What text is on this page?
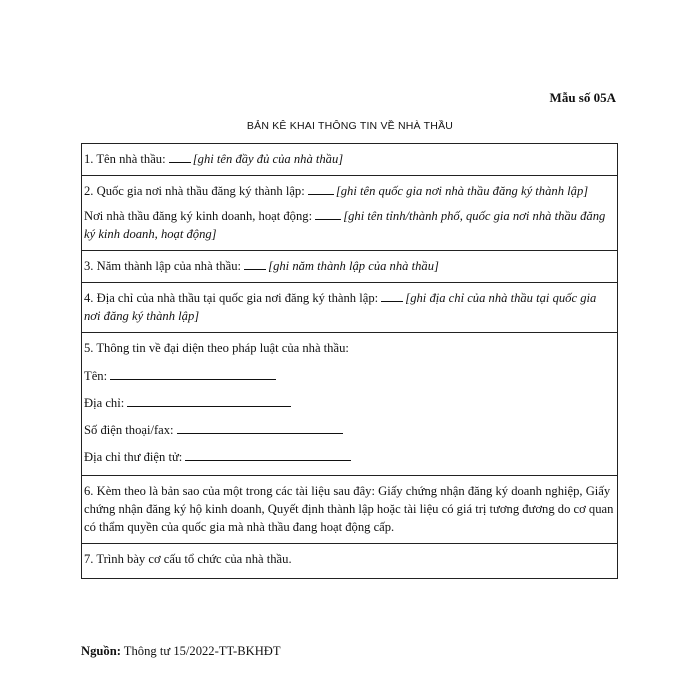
Mẫu số 05A
BẢN KÊ KHAI THÔNG TIN VỀ NHÀ THẦU

1. Tên nhà thầu: [ghi tên đầy đủ của nhà thầu]

2. Quốc gia nơi nhà thầu đăng ký thành lập: [ghi tên quốc gia nơi nhà thầu đăng ký thành lập]

Nơi nhà thầu đăng ký kinh doanh, hoạt động: [ghi tên tỉnh/thành phố, quốc gia nơi nhà thầu đăng ký kinh doanh, hoạt động]

3. Năm thành lập của nhà thầu: [ghi năm thành lập của nhà thầu]

4. Địa chỉ của nhà thầu tại quốc gia nơi đăng ký thành lập: [ghi địa chỉ của nhà thầu tại quốc gia nơi đăng ký thành lập]

5. Thông tin về đại diện theo pháp luật của nhà thầu:

Tên:
Địa chỉ:
Số điện thoại/fax:
Địa chỉ thư điện tử:

6. Kèm theo là bản sao của một trong các tài liệu sau đây: Giấy chứng nhận đăng ký doanh nghiệp, Giấy chứng nhận đăng ký hộ kinh doanh, Quyết định thành lập hoặc tài liệu có giá trị tương đương do cơ quan có thẩm quyền của quốc gia mà nhà thầu đang hoạt động cấp.

7. Trình bày cơ cấu tổ chức của nhà thầu.

Nguồn: Thông tư 15/2022-TT-BKHĐT
